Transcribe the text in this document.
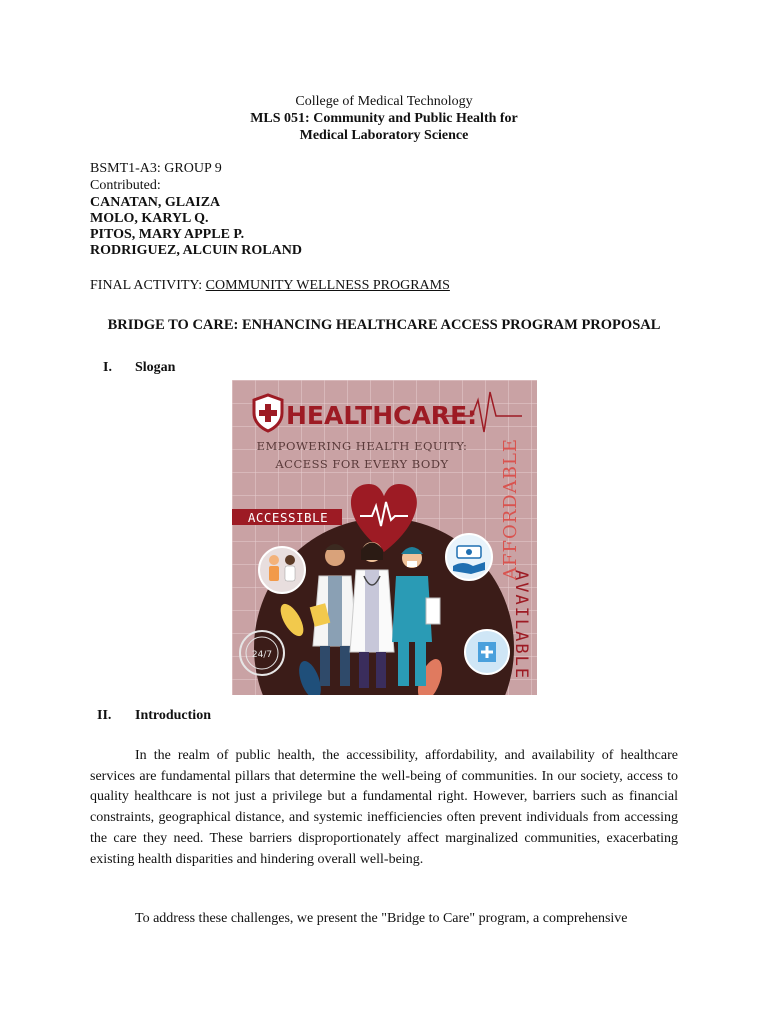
College of Medical Technology
MLS 051: Community and Public Health for
Medical Laboratory Science
BSMT1-A3: GROUP 9
Contributed:
CANATAN, GLAIZA
MOLO, KARYL Q.
PITOS, MARY APPLE P.
RODRIGUEZ, ALCUIN ROLAND
FINAL ACTIVITY: COMMUNITY WELLNESS PROGRAMS
BRIDGE TO CARE: ENHANCING HEALTHCARE ACCESS PROGRAM PROPOSAL
I. Slogan
HEALTHCARE:
EMPOWERING HEALTH EQUITY:
ACCESS FOR EVERY BODY
ACCESSIBLE	AFFORDABLE
AVAILABLE
24/7
II. Introduction
In the realm of public health, the accessibility, affordability, and availability of healthcare services are fundamental pillars that determine the well-being of communities. In our society, access to quality healthcare is not just a privilege but a fundamental right. However, barriers such as financial constraints, geographical distance, and systemic inefficiencies often prevent individuals from accessing the care they need. These barriers disproportionately affect marginalized communities, exacerbating existing health disparities and hindering overall well-being.
To address these challenges, we present the "Bridge to Care" program, a comprehensive
